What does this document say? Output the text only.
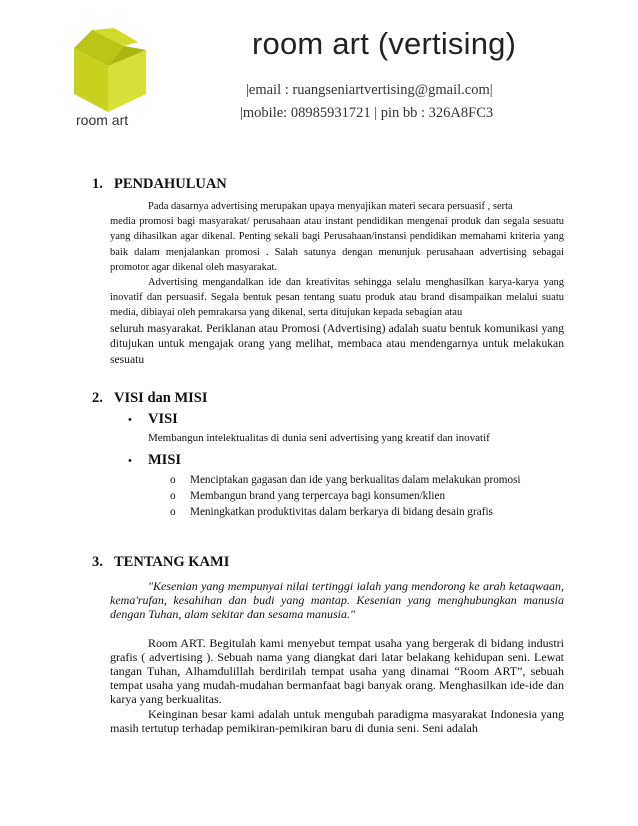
room art
room art (vertising)
|email : ruangseniartvertising@gmail.com|
|mobile: 08985931721 | pin bb : 326A8FC3
1. PENDAHULUAN
Pada dasarnya advertising merupakan upaya menyajikan materi secara persuasif , serta
media promosi bagi masyarakat/ perusahaan atau instant pendidikan mengenai produk dan segala sesuatu yang dihasilkan agar dikenal. Penting sekali bagi Perusahaan/instansi pendidikan memahami kriteria yang baik dalam menjalankan promosi . Salah satunya dengan menunjuk perusahaan advertising sebagai promotor agar dikenal oleh masyarakat.
Advertising mengandalkan ide dan kreativitas sehingga selalu menghasilkan karya-karya yang inovatif dan persuasif. Segala bentuk pesan tentang suatu produk atau brand disampaikan melalui suatu media, dibiayai oleh pemrakarsa yang dikenal, serta ditujukan kepada sebagian atau
seluruh masyarakat. Periklanan atau Promosi (Advertising) adalah suatu bentuk komunikasi yang ditujukan untuk mengajak orang yang melihat, membaca atau mendengarnya untuk melakukan sesuatu
2. VISI dan MISI
•	VISI
Membangun intelektualitas di dunia seni advertising yang kreatif dan inovatif
•	MISI
o	Menciptakan gagasan dan ide yang berkualitas dalam melakukan promosi
o	Membangun brand yang terpercaya bagi konsumen/klien
o	Meningkatkan produktivitas dalam berkarya di bidang desain grafis
3. TENTANG KAMI
"Kesenian yang mempunyai nilai tertinggi ialah yang mendorong ke arah ketaqwaan, kema'rufan, kesahihan dan budi yang mantap. Kesenian yang menghubungkan manusia dengan Tuhan, alam sekitar dan sesama manusia."
Room ART. Begitulah kami menyebut tempat usaha yang bergerak di bidang industri grafis ( advertising ). Sebuah nama yang diangkat dari latar belakang kehidupan seni. Lewat tangan Tuhan, Alhamdulillah berdirilah tempat usaha yang dinamai “Room ART”, sebuah tempat usaha yang mudah-mudahan bermanfaat bagi banyak orang. Menghasilkan ide-ide dan karya yang berkualitas.
Keinginan besar kami adalah untuk mengubah paradigma masyarakat Indonesia yang masih tertutup terhadap pemikiran-pemikiran baru di dunia seni. Seni adalah
